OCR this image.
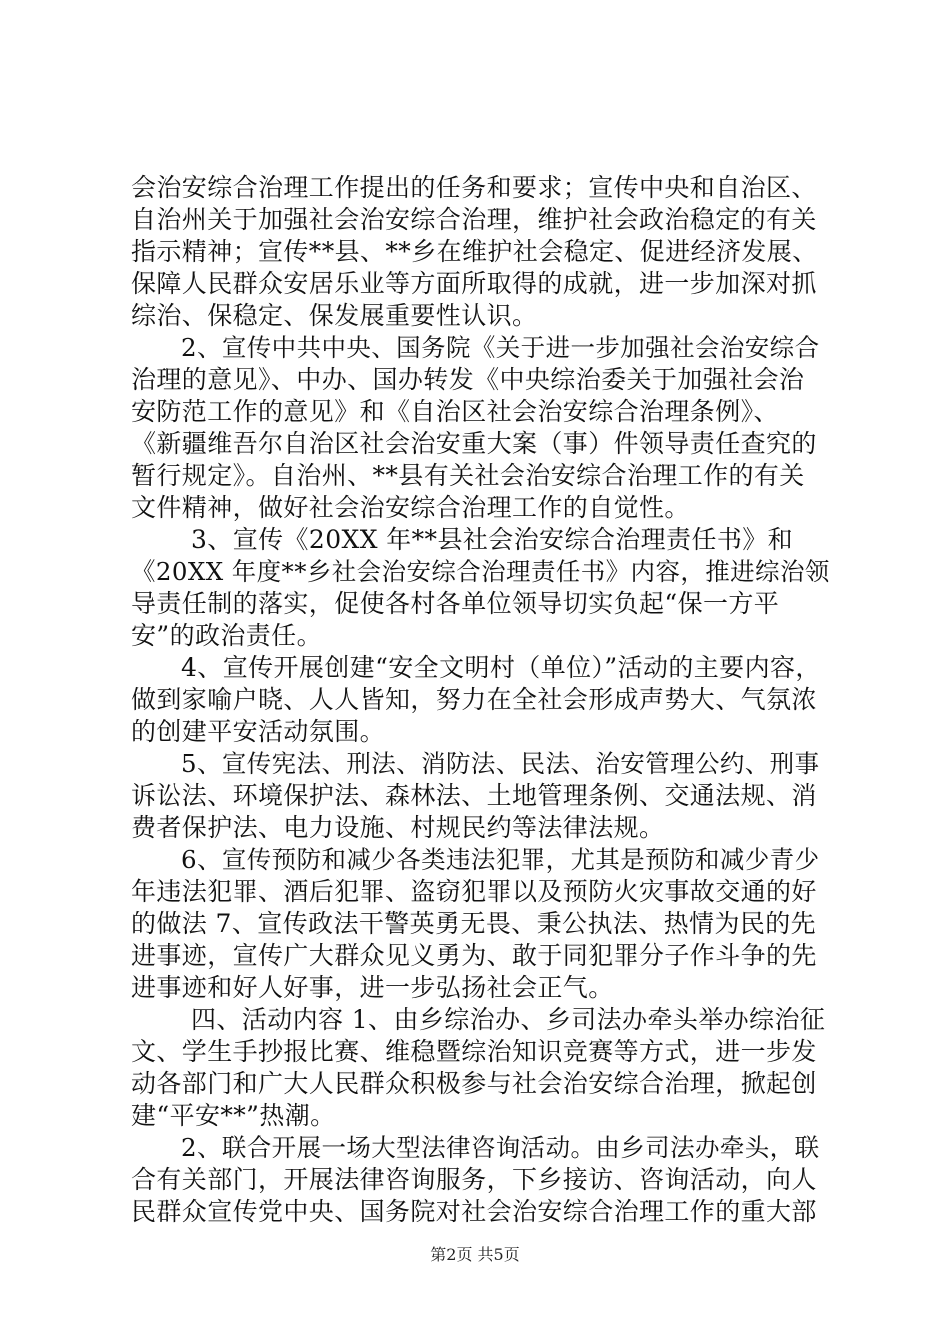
会治安综合治理工作提出的任务和要求；宣传中央和自治区、
自治州关于加强社会治安综合治理，维护社会政治稳定的有关
指示精神；宣传**县、**乡在维护社会稳定、促进经济发展、
保障人民群众安居乐业等方面所取得的成就，进一步加深对抓
综治、保稳定、保发展重要性认识。
2、宣传中共中央、国务院《关于进一步加强社会治安综合
治理的意见》、中办、国办转发《中央综治委关于加强社会治
安防范工作的意见》和《自治区社会治安综合治理条例》、
《新疆维吾尔自治区社会治安重大案（事）件领导责任查究的
暂行规定》。自治州、**县有关社会治安综合治理工作的有关
文件精神，做好社会治安综合治理工作的自觉性。
3、宣传《20XX 年**县社会治安综合治理责任书》和
《20XX 年度**乡社会治安综合治理责任书》内容，推进综治领
导责任制的落实，促使各村各单位领导切实负起“保一方平
安”的政治责任。
4、宣传开展创建“安全文明村（单位）”活动的主要内容，
做到家喻户晓、人人皆知，努力在全社会形成声势大、气氛浓
的创建平安活动氛围。
5、宣传宪法、刑法、消防法、民法、治安管理公约、刑事
诉讼法、环境保护法、森林法、土地管理条例、交通法规、消
费者保护法、电力设施、村规民约等法律法规。
6、宣传预防和减少各类违法犯罪，尤其是预防和减少青少
年违法犯罪、酒后犯罪、盗窃犯罪以及预防火灾事故交通的好
的做法 7、宣传政法干警英勇无畏、秉公执法、热情为民的先
进事迹，宣传广大群众见义勇为、敢于同犯罪分子作斗争的先
进事迹和好人好事，进一步弘扬社会正气。
四、活动内容 1、由乡综治办、乡司法办牵头举办综治征
文、学生手抄报比赛、维稳暨综治知识竞赛等方式，进一步发
动各部门和广大人民群众积极参与社会治安综合治理，掀起创
建“平安**”热潮。
2、联合开展一场大型法律咨询活动。由乡司法办牵头，联
合有关部门，开展法律咨询服务，下乡接访、咨询活动，向人
民群众宣传党中央、国务院对社会治安综合治理工作的重大部
第2页 共5页
